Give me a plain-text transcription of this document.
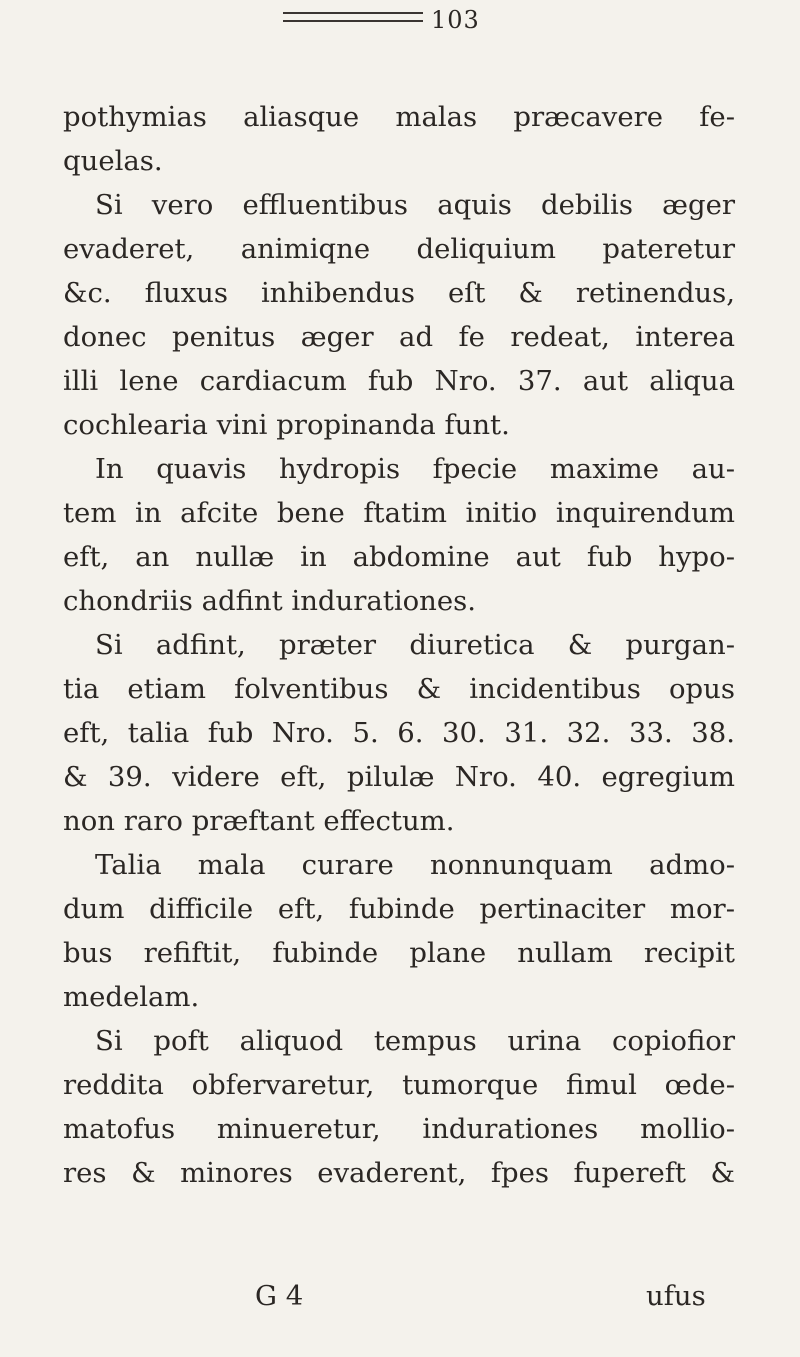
103
pothymias aliasque malas præcavere fe-
quelas.
Si vero effluentibus aquis debilis æger
evaderet, animiqne deliquium pateretur
&c. fluxus inhibendus eſt & retinendus,
donec penitus æger ad fe redeat, interea
illi lene cardiacum fub Nro. 37. aut aliqua
cochlearia vini propinanda funt.
In quavis hydropis fpecie maxime au-
tem in afcite bene ftatim initio inquirendum
eft, an nullæ in abdomine aut fub hypo-
chondriis adfint indurationes.
Si adfint, præter diuretica & purgan-
tia etiam folventibus & incidentibus opus
eft, talia fub Nro. 5. 6. 30. 31. 32. 33. 38.
& 39. videre eft, pilulæ Nro. 40. egregium
non raro præftant effectum.
Talia mala curare nonnunquam admo-
dum difficile eft, fubinde pertinaciter mor-
bus refiftit, fubinde plane nullam recipit
medelam.
Si poft aliquod tempus urina copiofior
reddita obfervaretur, tumorque fimul œde-
matofus minueretur, indurationes mollio-
res & minores evaderent, fpes fupereft &
G 4	ufus
